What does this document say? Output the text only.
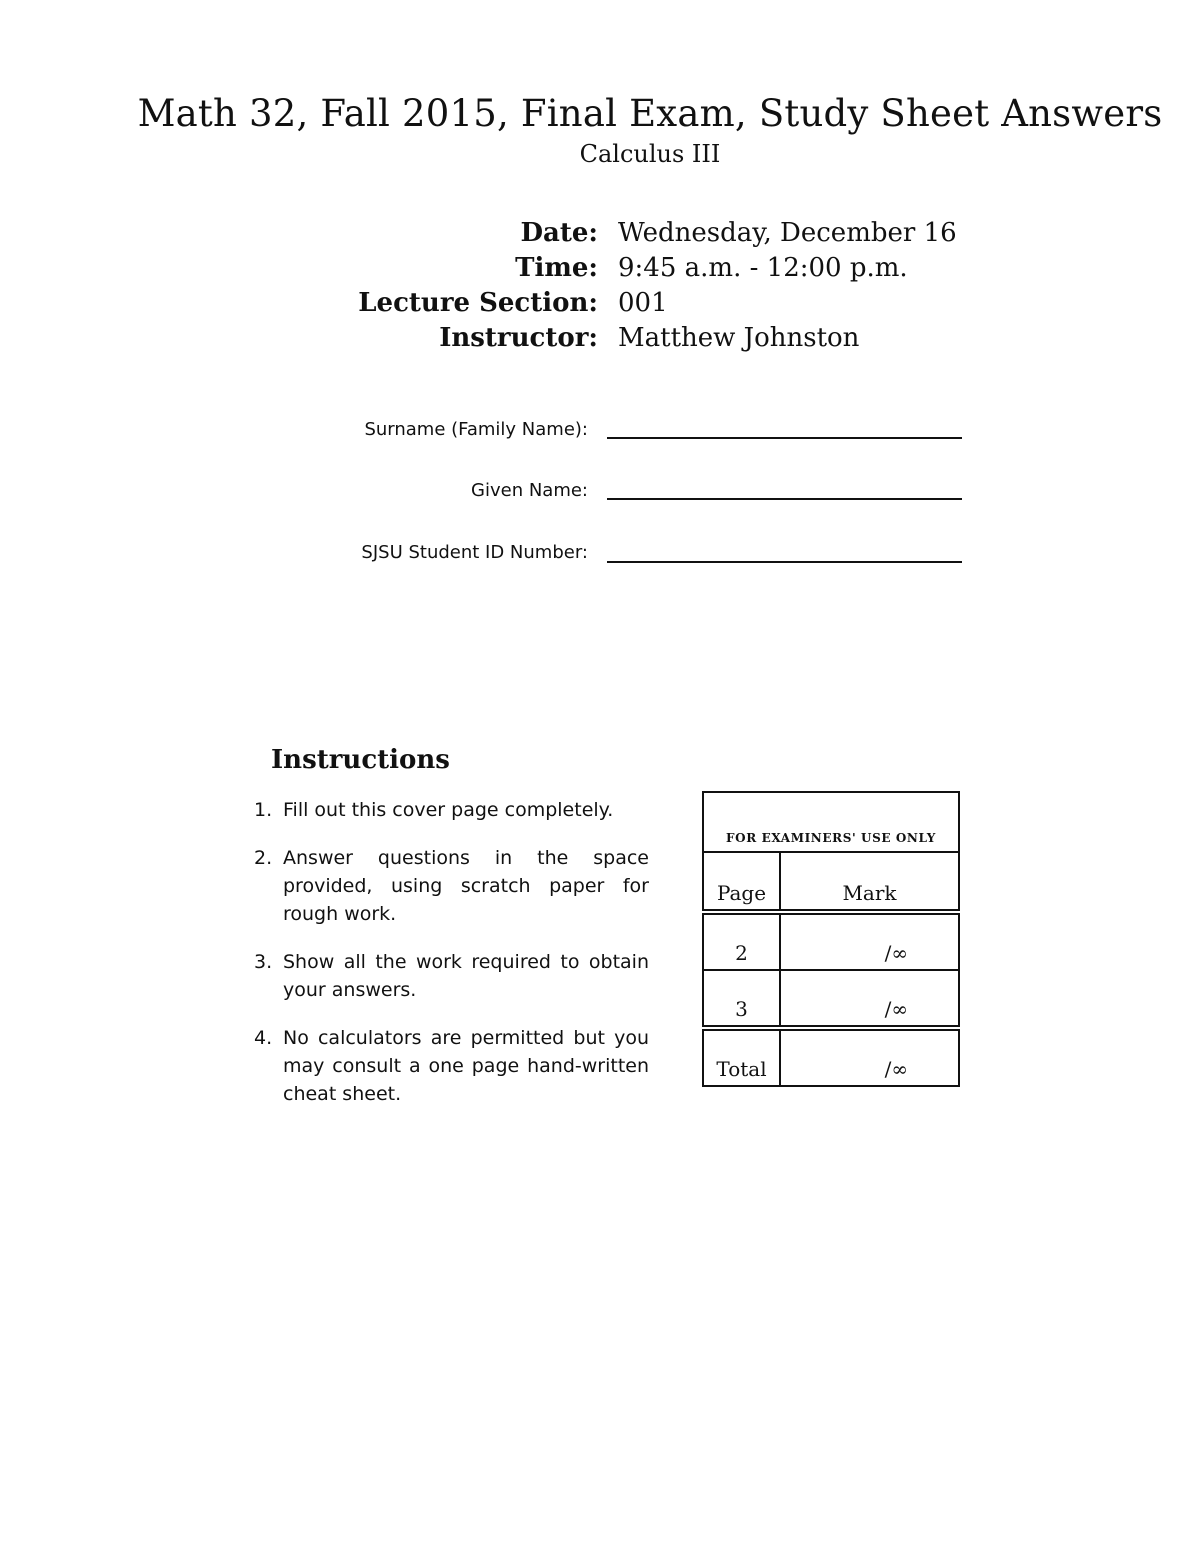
Math 32, Fall 2015, Final Exam, Study Sheet Answers
Calculus III
Date: Wednesday, December 16
Time: 9:45 a.m. - 12:00 p.m.
Lecture Section: 001
Instructor: Matthew Johnston
Surname (Family Name):
Given Name:
SJSU Student ID Number:
Instructions
1. Fill out this cover page completely.
2. Answer questions in the space provided, using scratch paper for rough work.
3. Show all the work required to obtain your answers.
4. No calculators are permitted but you may consult a one page hand-written cheat sheet.
FOR EXAMINERS' USE ONLY	
Page	Mark

2	/∞
3	/∞

Total	/∞
